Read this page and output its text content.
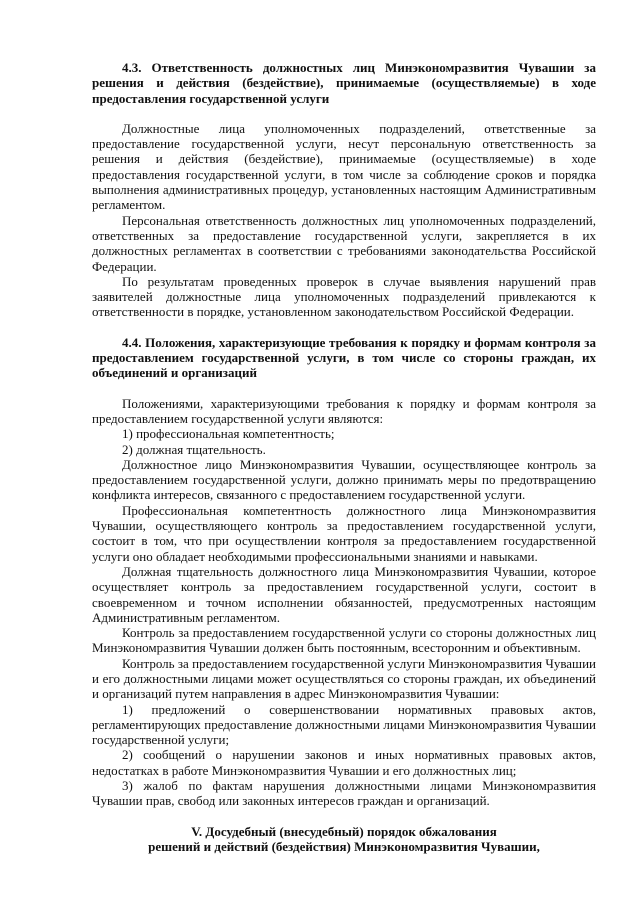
4.3. Ответственность должностных лиц Минэкономразвития Чувашии за решения и действия (бездействие), принимаемые (осуществляемые) в ходе предоставления государственной услуги

Должностные лица уполномоченных подразделений, ответственные за предоставление государственной услуги, несут персональную ответственность за решения и действия (бездействие), принимаемые (осуществляемые) в ходе предоставления государственной услуги, в том числе за соблюдение сроков и порядка выполнения административных процедур, установленных настоящим Административным регламентом.

Персональная ответственность должностных лиц уполномоченных подразделений, ответственных за предоставление государственной услуги, закрепляется в их должностных регламентах в соответствии с требованиями законодательства Российской Федерации.

По результатам проведенных проверок в случае выявления нарушений прав заявителей должностные лица уполномоченных подразделений привлекаются к ответственности в порядке, установленном законодательством Российской Федерации.

4.4. Положения, характеризующие требования к порядку и формам контроля за предоставлением государственной услуги, в том числе со стороны граждан, их объединений и организаций

Положениями, характеризующими требования к порядку и формам контроля за предоставлением государственной услуги являются:

1) профессиональная компетентность;

2) должная тщательность.

Должностное лицо Минэкономразвития Чувашии, осуществляющее контроль за предоставлением государственной услуги, должно принимать меры по предотвращению конфликта интересов, связанного с предоставлением государственной услуги.

Профессиональная компетентность должностного лица Минэкономразвития Чувашии, осуществляющего контроль за предоставлением государственной услуги, состоит в том, что при осуществлении контроля за предоставлением государственной услуги оно обладает необходимыми профессиональными знаниями и навыками.

Должная тщательность должностного лица Минэкономразвития Чувашии, которое осуществляет контроль за предоставлением государственной услуги, состоит в своевременном и точном исполнении обязанностей, предусмотренных настоящим Административным регламентом.

Контроль за предоставлением государственной услуги со стороны должностных лиц Минэкономразвития Чувашии должен быть постоянным, всесторонним и объективным.

Контроль за предоставлением государственной услуги Минэкономразвития Чувашии и его должностными лицами может осуществляться со стороны граждан, их объединений и организаций путем направления в адрес Минэкономразвития Чувашии:

1) предложений о совершенствовании нормативных правовых актов, регламентирующих предоставление должностными лицами Минэкономразвития Чувашии государственной услуги;

2) сообщений о нарушении законов и иных нормативных правовых актов, недостатках в работе Минэкономразвития Чувашии и его должностных лиц;

3) жалоб по фактам нарушения должностными лицами Минэкономразвития Чувашии прав, свобод или законных интересов граждан и организаций.

V. Досудебный (внесудебный) порядок обжалования

решений и действий (бездействия) Минэкономразвития Чувашии,
